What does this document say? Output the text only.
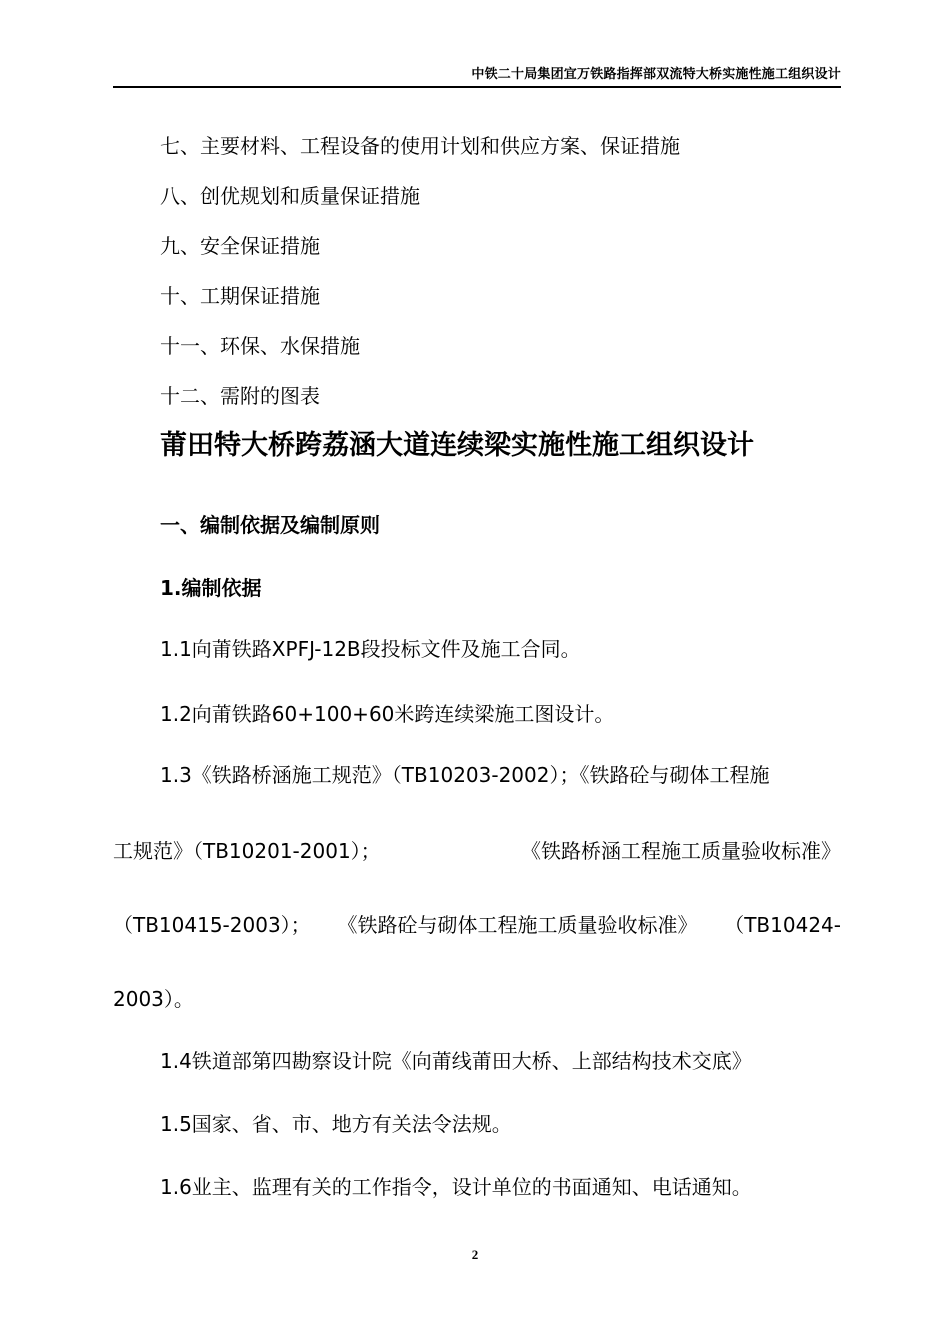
中铁二十局集团宜万铁路指挥部双流特大桥实施性施工组织设计
七、主要材料、工程设备的使用计划和供应方案、保证措施
八、创优规划和质量保证措施
九、安全保证措施
十、工期保证措施
十一、环保、水保措施
十二、需附的图表
莆田特大桥跨荔涵大道连续梁实施性施工组织设计
一、编制依据及编制原则
1.编制依据
1.1向莆铁路XPFJ-12B段投标文件及施工合同。
1.2向莆铁路60+100+60米跨连续梁施工图设计。
1.3《铁路桥涵施工规范》（TB10203-2002）；《铁路砼与砌体工程施
工规范》（TB10201-2001）；	《铁路桥涵工程施工质量验收标准》
（TB10415-2003）； 《铁路砼与砌体工程施工质量验收标准》 （TB10424-
2003）。
1.4铁道部第四勘察设计院《向莆线莆田大桥、上部结构技术交底》
1.5国家、省、市、地方有关法令法规。
1.6业主、监理有关的工作指令，设计单位的书面通知、电话通知。
2
